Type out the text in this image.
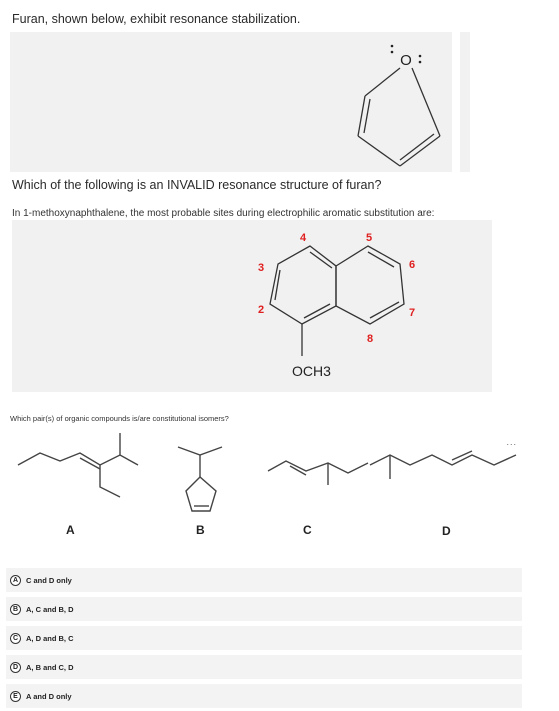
Furan, shown below, exhibit resonance stabilization.
O
Which of the following is an INVALID resonance structure of furan?
In 1-methoxynaphthalene, the most probable sites during electrophilic aromatic substitution are:
2
3
4	5
6
7
8
OCH3
Which pair(s) of organic compounds is/are constitutional isomers?
...
A	B	C	D
A	C and D only
B	A, C and B, D
C	A, D and B, C
D	A, B and C, D
E	A and D only
